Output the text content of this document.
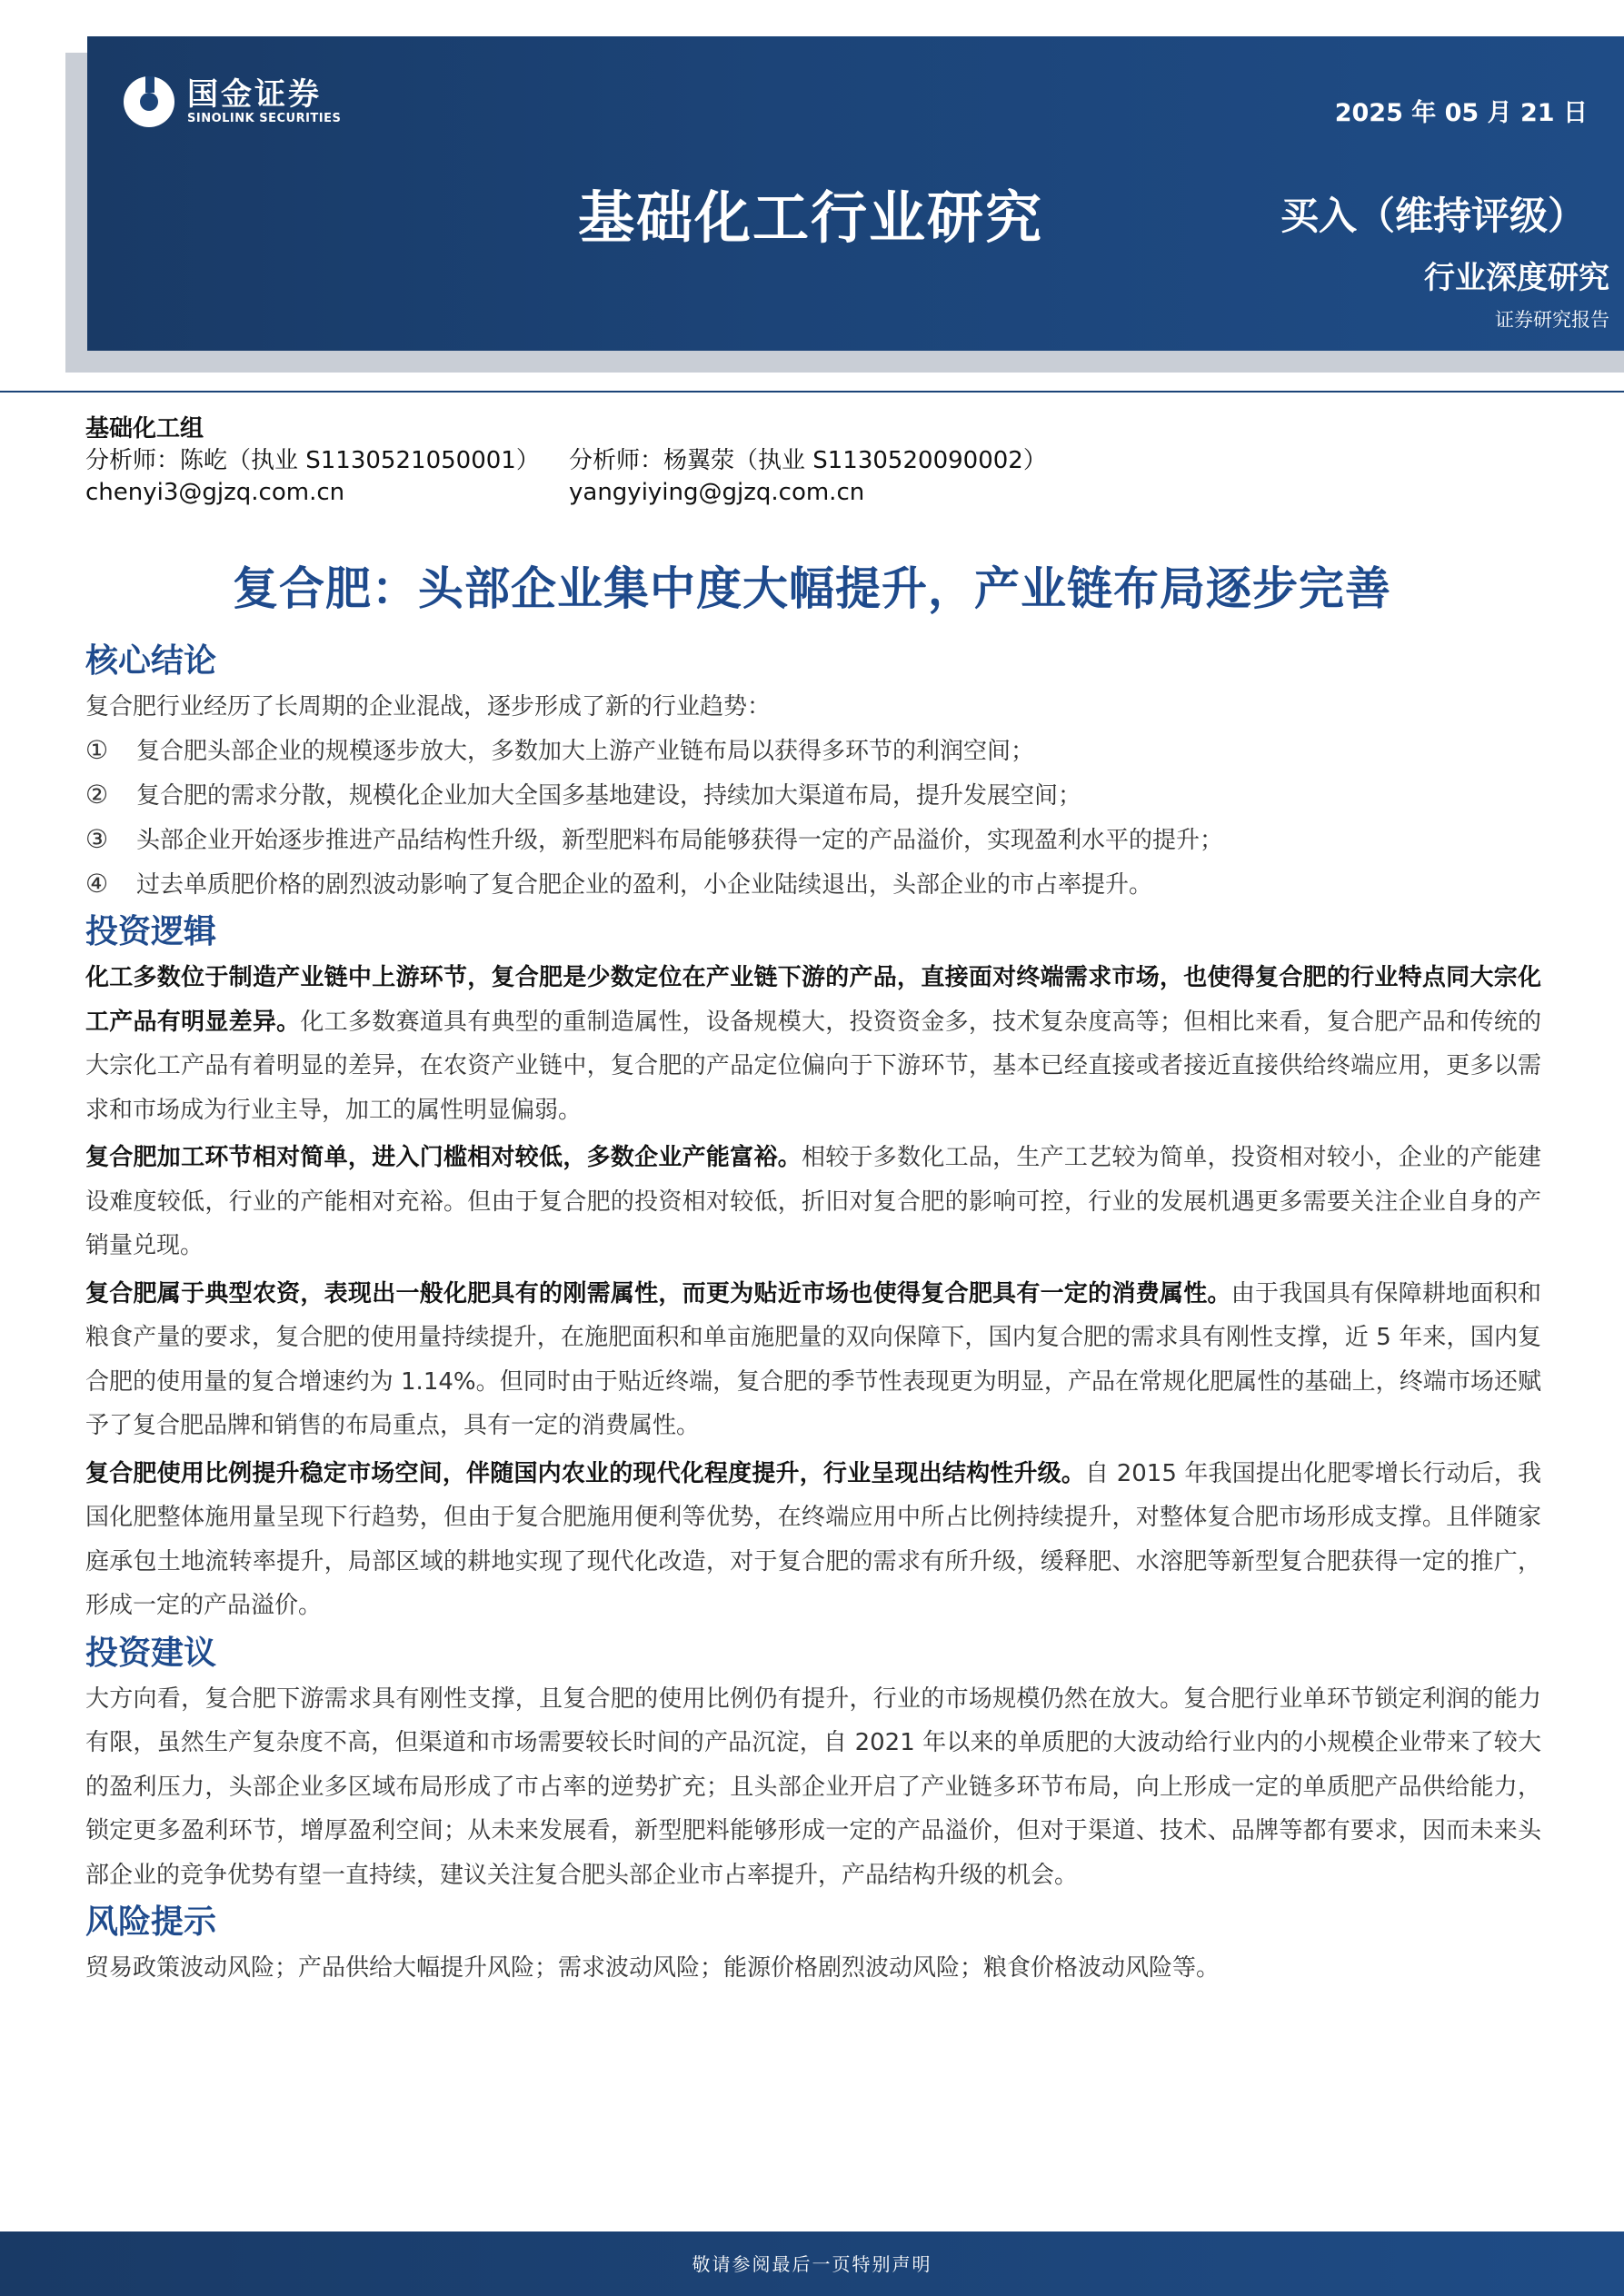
国金证券
SINOLINK SECURITIES	2025 年 05 月 21 日
基础化工行业研究	买入（维持评级）
行业深度研究
证券研究报告
基础化工组
分析师：陈屹（执业 S1130521050001）
chenyi3@gjzq.com.cn
分析师：杨翼荥（执业 S1130520090002）
yangyiying@gjzq.com.cn
复合肥：头部企业集中度大幅提升，产业链布局逐步完善
核心结论
复合肥行业经历了长周期的企业混战，逐步形成了新的行业趋势：
① 复合肥头部企业的规模逐步放大，多数加大上游产业链布局以获得多环节的利润空间；
② 复合肥的需求分散，规模化企业加大全国多基地建设，持续加大渠道布局，提升发展空间；
③ 头部企业开始逐步推进产品结构性升级，新型肥料布局能够获得一定的产品溢价，实现盈利水平的提升；
④ 过去单质肥价格的剧烈波动影响了复合肥企业的盈利，小企业陆续退出，头部企业的市占率提升。
投资逻辑

化工多数位于制造产业链中上游环节，复合肥是少数定位在产业链下游的产品，直接面对终端需求市场，也使得复合肥的行业特点同大宗化工产品有明显差异。化工多数赛道具有典型的重制造属性，设备规模大，投资资金多，技术复杂度高等；但相比来看，复合肥产品和传统的大宗化工产品有着明显的差异，在农资产业链中，复合肥的产品定位偏向于下游环节，基本已经直接或者接近直接供给终端应用，更多以需求和市场成为行业主导，加工的属性明显偏弱。

复合肥加工环节相对简单，进入门槛相对较低，多数企业产能富裕。相较于多数化工品，生产工艺较为简单，投资相对较小，企业的产能建设难度较低，行业的产能相对充裕。但由于复合肥的投资相对较低，折旧对复合肥的影响可控，行业的发展机遇更多需要关注企业自身的产销量兑现。

复合肥属于典型农资，表现出一般化肥具有的刚需属性，而更为贴近市场也使得复合肥具有一定的消费属性。由于我国具有保障耕地面积和粮食产量的要求，复合肥的使用量持续提升，在施肥面积和单亩施肥量的双向保障下，国内复合肥的需求具有刚性支撑，近 5 年来，国内复合肥的使用量的复合增速约为 1.14%。但同时由于贴近终端，复合肥的季节性表现更为明显，产品在常规化肥属性的基础上，终端市场还赋予了复合肥品牌和销售的布局重点，具有一定的消费属性。

复合肥使用比例提升稳定市场空间，伴随国内农业的现代化程度提升，行业呈现出结构性升级。自 2015 年我国提出化肥零增长行动后，我国化肥整体施用量呈现下行趋势，但由于复合肥施用便利等优势，在终端应用中所占比例持续提升，对整体复合肥市场形成支撑。且伴随家庭承包土地流转率提升，局部区域的耕地实现了现代化改造，对于复合肥的需求有所升级，缓释肥、水溶肥等新型复合肥获得一定的推广，形成一定的产品溢价。

投资建议

大方向看，复合肥下游需求具有刚性支撑，且复合肥的使用比例仍有提升，行业的市场规模仍然在放大。复合肥行业单环节锁定利润的能力有限，虽然生产复杂度不高，但渠道和市场需要较长时间的产品沉淀，自 2021 年以来的单质肥的大波动给行业内的小规模企业带来了较大的盈利压力，头部企业多区域布局形成了市占率的逆势扩充；且头部企业开启了产业链多环节布局，向上形成一定的单质肥产品供给能力，锁定更多盈利环节，增厚盈利空间；从未来发展看，新型肥料能够形成一定的产品溢价，但对于渠道、技术、品牌等都有要求，因而未来头部企业的竞争优势有望一直持续，建议关注复合肥头部企业市占率提升，产品结构升级的机会。

风险提示

贸易政策波动风险；产品供给大幅提升风险；需求波动风险；能源价格剧烈波动风险；粮食价格波动风险等。

敬请参阅最后一页特别声明
